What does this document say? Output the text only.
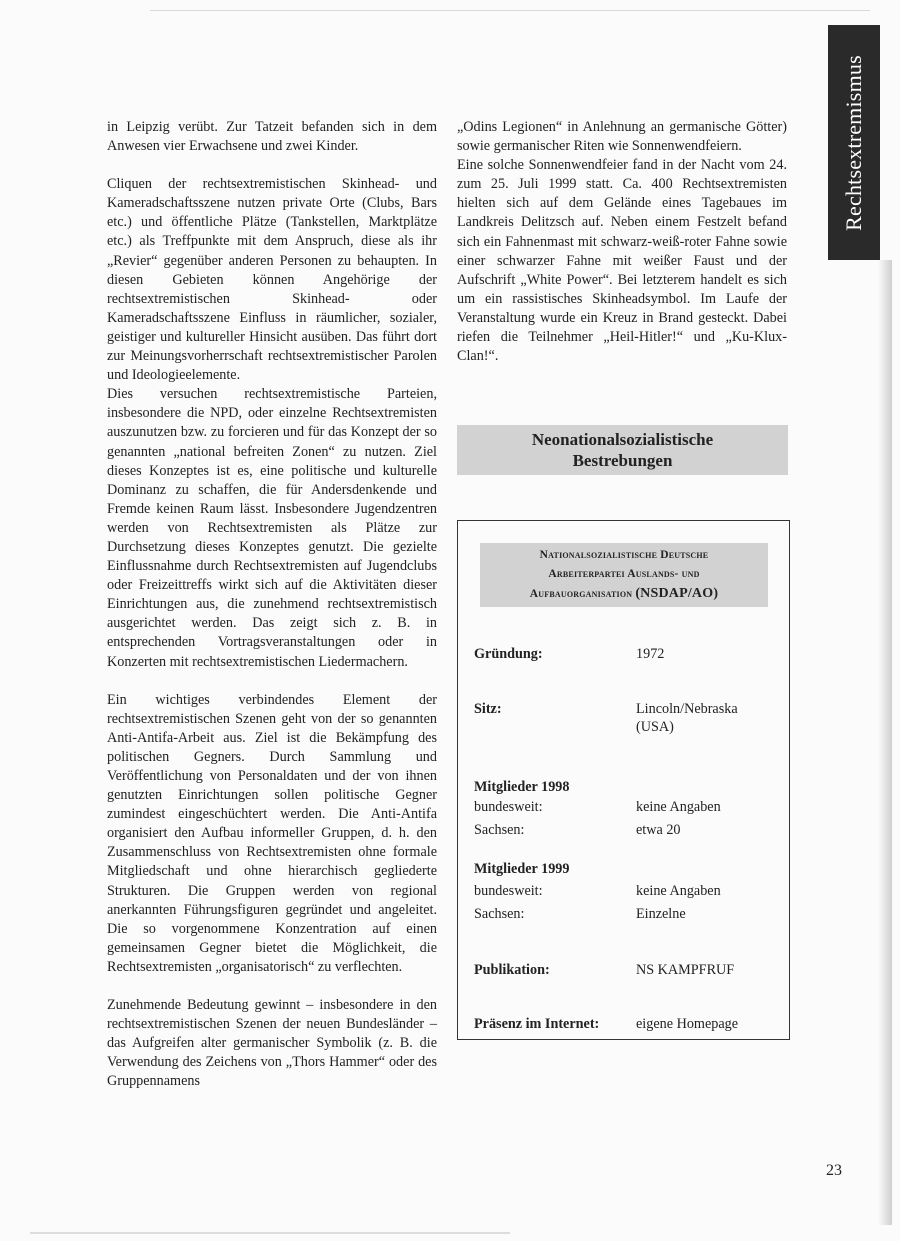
Rechtsextremismus

in Leipzig verübt. Zur Tatzeit befanden sich in dem Anwesen vier Erwachsene und zwei Kinder.

Cliquen der rechtsextremistischen Skinhead- und Kameradschaftsszene nutzen private Orte (Clubs, Bars etc.) und öffentliche Plätze (Tankstellen, Marktplätze etc.) als Treffpunkte mit dem Anspruch, diese als ihr „Revier“ gegenüber anderen Personen zu behaupten. In diesen Gebieten können Angehörige der rechtsextremistischen Skinhead- oder Kameradschaftsszene Einfluss in räumlicher, sozialer, geistiger und kultureller Hinsicht ausüben. Das führt dort zur Meinungsvorherrschaft rechtsextremistischer Parolen und Ideologieelemente.

Dies versuchen rechtsextremistische Parteien, insbesondere die NPD, oder einzelne Rechtsextremisten auszunutzen bzw. zu forcieren und für das Konzept der so genannten „national befreiten Zonen“ zu nutzen. Ziel dieses Konzeptes ist es, eine politische und kulturelle Dominanz zu schaffen, die für Andersdenkende und Fremde keinen Raum lässt. Insbesondere Jugendzentren werden von Rechtsextremisten als Plätze zur Durchsetzung dieses Konzeptes genutzt. Die gezielte Einflussnahme durch Rechtsextremisten auf Jugendclubs oder Freizeittreffs wirkt sich auf die Aktivitäten dieser Einrichtungen aus, die zunehmend rechtsextremistisch ausgerichtet werden. Das zeigt sich z. B. in entsprechenden Vortragsveranstaltungen oder in Konzerten mit rechtsextremistischen Liedermachern.

Ein wichtiges verbindendes Element der rechtsextremistischen Szenen geht von der so genannten Anti-Antifa-Arbeit aus. Ziel ist die Bekämpfung des politischen Gegners. Durch Sammlung und Veröffentlichung von Personaldaten und der von ihnen genutzten Einrichtungen sollen politische Gegner zumindest eingeschüchtert werden. Die Anti-Antifa organisiert den Aufbau informeller Gruppen, d. h. den Zusammenschluss von Rechtsextremisten ohne formale Mitgliedschaft und ohne hierarchisch gegliederte Strukturen. Die Gruppen werden von regional anerkannten Führungsfiguren gegründet und angeleitet. Die so vorgenommene Konzentration auf einen gemeinsamen Gegner bietet die Möglichkeit, die Rechtsextremisten „organisatorisch“ zu verflechten.

Zunehmende Bedeutung gewinnt – insbesondere in den rechtsextremistischen Szenen der neuen Bundesländer – das Aufgreifen alter germanischer Symbolik (z. B. die Verwendung des Zeichens von „Thors Hammer“ oder des Gruppennamens

„Odins Legionen“ in Anlehnung an germanische Götter) sowie germanischer Riten wie Sonnenwendfeiern.

Eine solche Sonnenwendfeier fand in der Nacht vom 24. zum 25. Juli 1999 statt. Ca. 400 Rechtsextremisten hielten sich auf dem Gelände eines Tagebaues im Landkreis Delitzsch auf. Neben einem Festzelt befand sich ein Fahnenmast mit schwarz-weiß-roter Fahne sowie einer schwarzer Fahne mit weißer Faust und der Aufschrift „White Power“. Bei letzterem handelt es sich um ein rassistisches Skinheadsymbol. Im Laufe der Veranstaltung wurde ein Kreuz in Brand gesteckt. Dabei riefen die Teilnehmer „Heil-Hitler!“ und „Ku-Klux-Clan!“.

Neonationalsozialistische
Bestrebungen
Nationalsozialistische Deutsche
Arbeiterpartei Auslands- und
Aufbauorganisation (NSDAP/AO)
Gründung:	1972
Sitz:	Lincoln/Nebraska
(USA)
Mitglieder 1998
bundesweit:	keine Angaben
Sachsen:	etwa 20
Mitglieder 1999
bundesweit:	keine Angaben
Sachsen:	Einzelne
Publikation:	NS KAMPFRUF
Präsenz im Internet:	eigene Homepage
23
